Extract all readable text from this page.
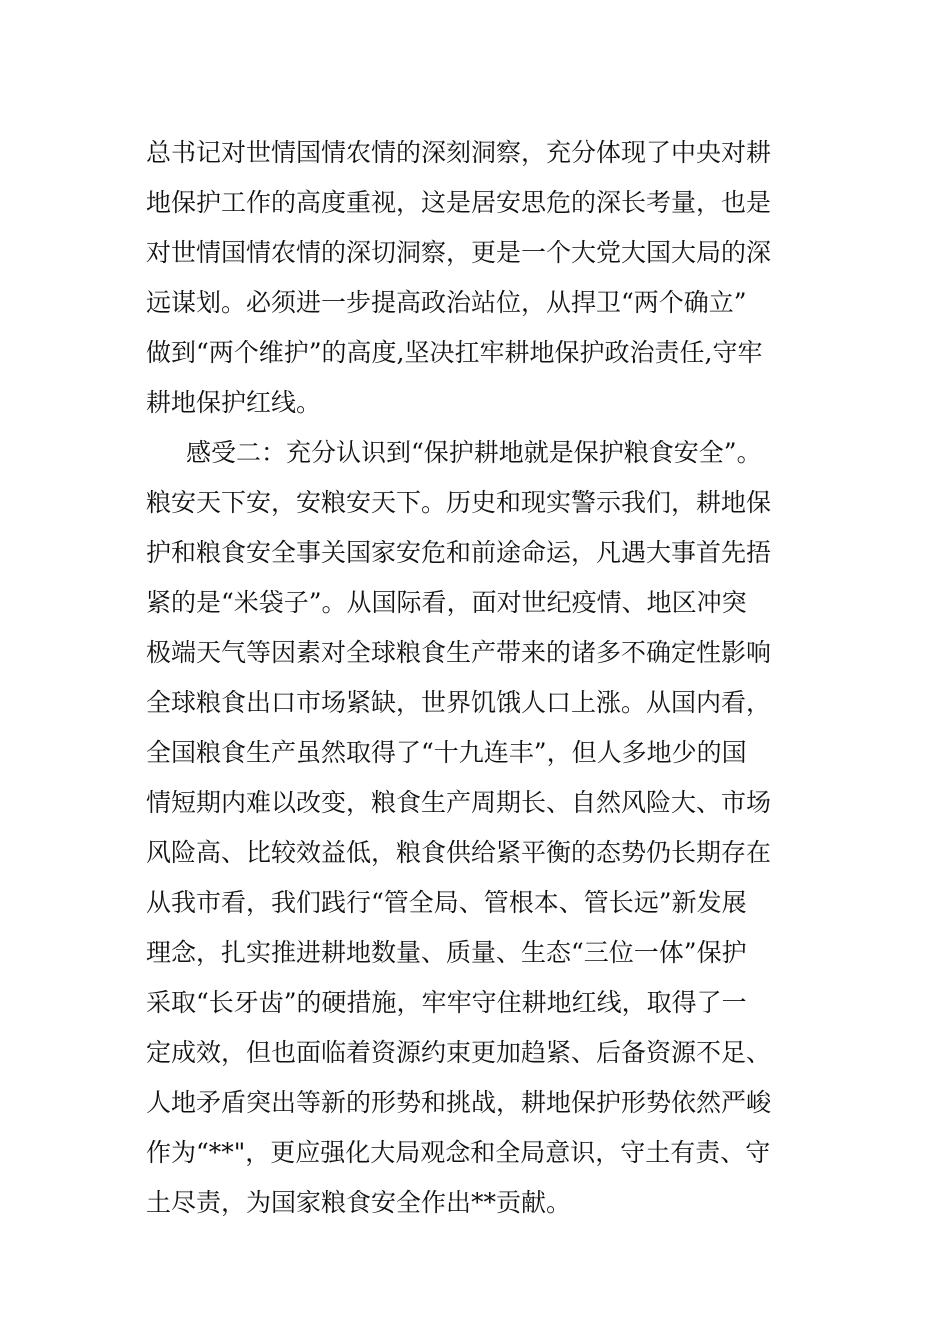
总书记对世情国情农情的深刻洞察，充分体现了中央对耕
地保护工作的高度重视，这是居安思危的深长考量，也是
对世情国情农情的深切洞察，更是一个大党大国大局的深
远谋划。必须进一步提高政治站位，从捍卫“两个确立”
做到“两个维护”的高度,坚决扛牢耕地保护政治责任,守牢
耕地保护红线。
感受二：充分认识到“保护耕地就是保护粮食安全”。
粮安天下安，安粮安天下。历史和现实警示我们，耕地保
护和粮食安全事关国家安危和前途命运，凡遇大事首先捂
紧的是“米袋子”。从国际看，面对世纪疫情、地区冲突
极端天气等因素对全球粮食生产带来的诸多不确定性影响
全球粮食出口市场紧缺，世界饥饿人口上涨。从国内看，
全国粮食生产虽然取得了“十九连丰”，但人多地少的国
情短期内难以改变，粮食生产周期长、自然风险大、市场
风险高、比较效益低，粮食供给紧平衡的态势仍长期存在
从我市看，我们践行“管全局、管根本、管长远”新发展
理念，扎实推进耕地数量、质量、生态“三位一体”保护
采取“长牙齿”的硬措施，牢牢守住耕地红线，取得了一
定成效，但也面临着资源约束更加趋紧、后备资源不足、
人地矛盾突出等新的形势和挑战，耕地保护形势依然严峻
作为“**"，更应强化大局观念和全局意识，守土有责、守
土尽责，为国家粮食安全作出**贡献。
